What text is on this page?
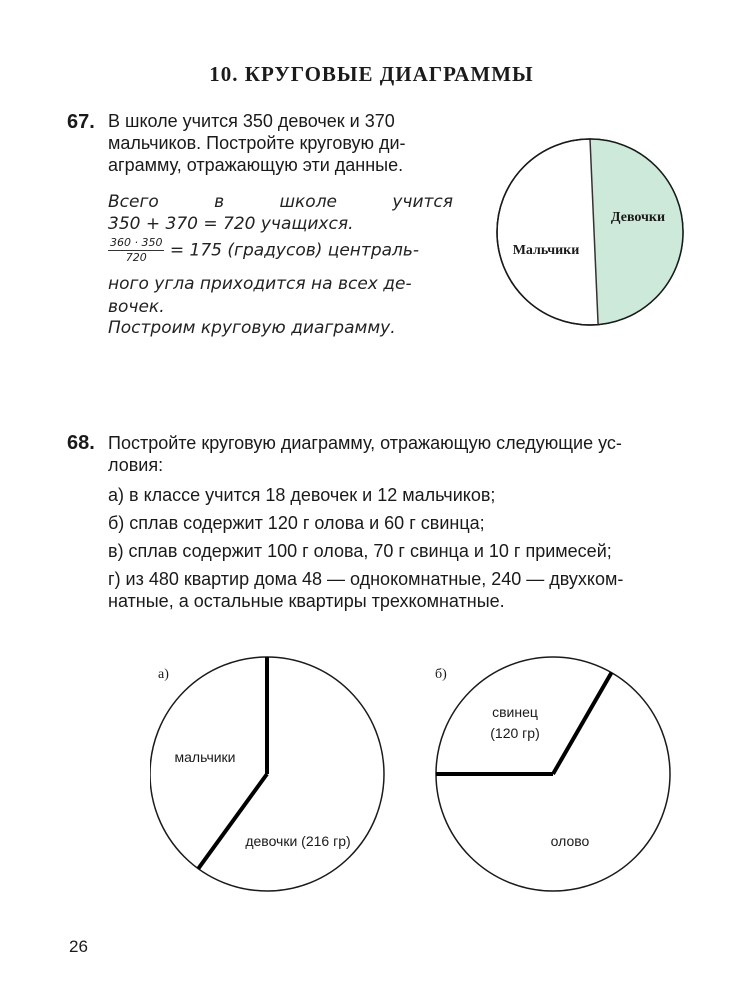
10. КРУГОВЫЕ ДИАГРАММЫ
67. В школе учится 350 девочек и 370
мальчиков. Постройте круговую ди-
аграмму, отражающую эти данные.
Всего	в	школе	учится
350 + 370 = 720 учащихся.
$\frac{360 \cdot 350}{720} = 175$ (градусов) централь-
ного угла приходится на всех де-
вочек.
Построим круговую диаграмму.
Девочки
Мальчики
68. Постройте круговую диаграмму, отражающую следующие ус-
ловия:
а) в классе учится 18 девочек и 12 мальчиков;
б) сплав содержит 120 г олова и 60 г свинца;
в) сплав содержит 100 г олова, 70 г свинца и 10 г примесей;
г) из 480 квартир дома 48 — однокомнатные, 240 — двухком-
натные, а остальные квартиры трехкомнатные.
а)
мальчики
девочки (216 гр)
б)
свинец
(120 гр)
олово
26
